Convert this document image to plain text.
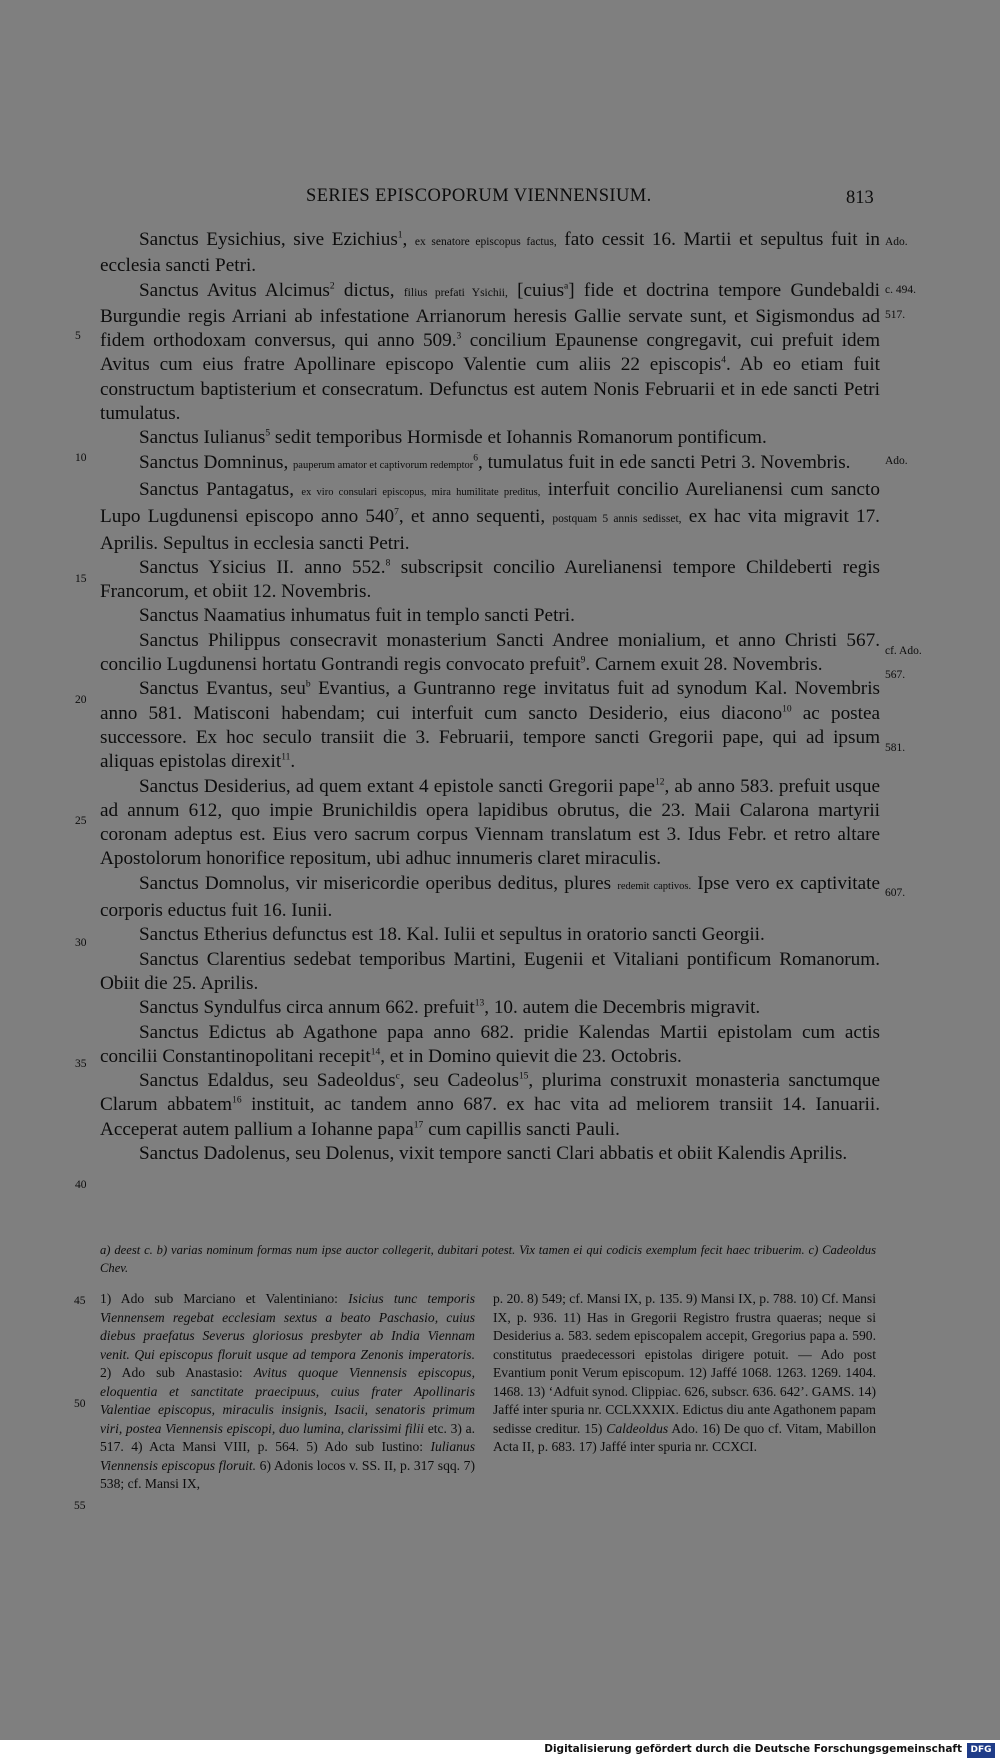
SERIES EPISCOPORUM VIENNENSIUM.	813
5
10
15
20
25
30
35
40
45
50
55
Ado.
c. 494.
517.
Ado.
cf. Ado.
567.
581.
607.

Sanctus Eysichius, sive Ezichius$^1$, ex senatore episcopus factus, fato cessit 16. Martii et sepultus fuit in ecclesia sancti Petri.

Sanctus Avitus Alcimus$^2$ dictus, filius prefati Ysichii, [cuius$^a$] fide et doctrina tempore Gundebaldi Burgundie regis Arriani ab infestatione Arrianorum heresis Gallie servate sunt, et Sigismondus ad fidem orthodoxam conversus, qui anno 509.$^3$ concilium Epaunense congregavit, cui prefuit idem Avitus cum eius fratre Apollinare episcopo Valentie cum aliis 22 episcopis$^4$. Ab eo etiam fuit constructum baptisterium et consecratum. Defunctus est autem Nonis Februarii et in ede sancti Petri tumulatus.

Sanctus Iulianus$^5$ sedit temporibus Hormisde et Iohannis Romanorum pontificum.

Sanctus Domninus, pauperum amator et captivorum redemptor$^6$, tumulatus fuit in ede sancti Petri 3. Novembris.

Sanctus Pantagatus, ex viro consulari episcopus, mira humilitate preditus, interfuit concilio Aurelianensi cum sancto Lupo Lugdunensi episcopo anno $540^7$, et anno sequenti, postquam 5 annis sedisset, ex hac vita migravit 17. Aprilis. Sepultus in ecclesia sancti Petri.

Sanctus Ysicius II. anno 552.$^8$ subscripsit concilio Aurelianensi tempore Childeberti regis Francorum, et obiit 12. Novembris.

Sanctus Naamatius inhumatus fuit in templo sancti Petri.

Sanctus Philippus consecravit monasterium Sancti Andree monialium, et anno Christi 567. concilio Lugdunensi hortatu Gontrandi regis convocato prefuit$^9$. Carnem exuit 28. Novembris.

Sanctus Evantus, seu$^b$ Evantius, a Guntranno rege invitatus fuit ad synodum Kal. Novembris anno 581. Matisconi habendam; cui interfuit cum sancto Desiderio, eius diacono$^{10}$ ac postea successore. Ex hoc seculo transiit die 3. Februarii, tempore sancti Gregorii pape, qui ad ipsum aliquas epistolas direxit$^{11}$.

Sanctus Desiderius, ad quem extant 4 epistole sancti Gregorii pape$^{12}$, ab anno 583. prefuit usque ad annum 612, quo impie Brunichildis opera lapidibus obrutus, die 23. Maii Calarona martyrii coronam adeptus est. Eius vero sacrum corpus Viennam translatum est 3. Idus Febr. et retro altare Apostolorum honorifice repositum, ubi adhuc innumeris claret miraculis.

Sanctus Domnolus, vir misericordie operibus deditus, plures redemit captivos. Ipse vero ex captivitate corporis eductus fuit 16. Iunii.

Sanctus Etherius defunctus est 18. Kal. Iulii et sepultus in oratorio sancti Georgii.

Sanctus Clarentius sedebat temporibus Martini, Eugenii et Vitaliani pontificum Romanorum. Obiit die 25. Aprilis.

Sanctus Syndulfus circa annum 662. prefuit$^{13}$, 10. autem die Decembris migravit.

Sanctus Edictus ab Agathone papa anno 682. pridie Kalendas Martii epistolam cum actis concilii Constantinopolitani recepit$^{14}$, et in Domino quievit die 23. Octobris.

Sanctus Edaldus, seu Sadeoldus$^c$, seu Cadeolus$^{15}$, plurima construxit monasteria sanctumque Clarum abbatem$^{16}$ instituit, ac tandem anno 687. ex hac vita ad meliorem transiit 14. Ianuarii. Acceperat autem pallium a Iohanne papa$^{17}$ cum capillis sancti Pauli.

Sanctus Dadolenus, seu Dolenus, vixit tempore sancti Clari abbatis et obiit Kalendis Aprilis.

a) deest c. b) varias nominum formas num ipse auctor collegerit, dubitari potest. Vix tamen ei qui codicis exemplum fecit haec tribuerim. c) Cadeoldus Chev.
1) Ado sub Marciano et Valentiniano: Isicius tunc temporis Viennensem regebat ecclesiam sextus a beato Paschasio, cuius diebus praefatus Severus gloriosus presbyter ab India Viennam venit. Qui episcopus floruit usque ad tempora Zenonis imperatoris. 2) Ado sub Anastasio: Avitus quoque Viennensis episcopus, eloquentia et sanctitate praecipuus, cuius frater Apollinaris Valentiae episcopus, miraculis insignis, Isacii, senatoris primum viri, postea Viennensis episcopi, duo lumina, clarissimi filii etc. 3) a. 517. 4) Acta Mansi VIII, p. 564. 5) Ado sub Iustino: Iulianus Viennensis episcopus floruit. 6) Adonis locos v. SS. II, p. 317 sqq. 7) 538; cf. Mansi IX,
p. 20. 8) 549; cf. Mansi IX, p. 135. 9) Mansi IX, p. 788. 10) Cf. Mansi IX, p. 936. 11) Has in Gregorii Registro frustra quaeras; neque si Desiderius a. 583. sedem episcopalem accepit, Gregorius papa a. 590. constitutus praedecessori epistolas dirigere potuit. — Ado post Evantium ponit Verum episcopum. 12) Jaffé 1068. 1263. 1269. 1404. 1468. 13) ‘Adfuit synod. Clippiac. 626, subscr. 636. 642’. GAMS. 14) Jaffé inter spuria nr. CCLXXXIX. Edictus diu ante Agathonem papam sedisse creditur. 15) Caldeoldus Ado. 16) De quo cf. Vitam, Mabillon Acta II, p. 683. 17) Jaffé inter spuria nr. CCXCI.
Digitalisierung gefördert durch die Deutsche Forschungsgemeinschaft DFG
